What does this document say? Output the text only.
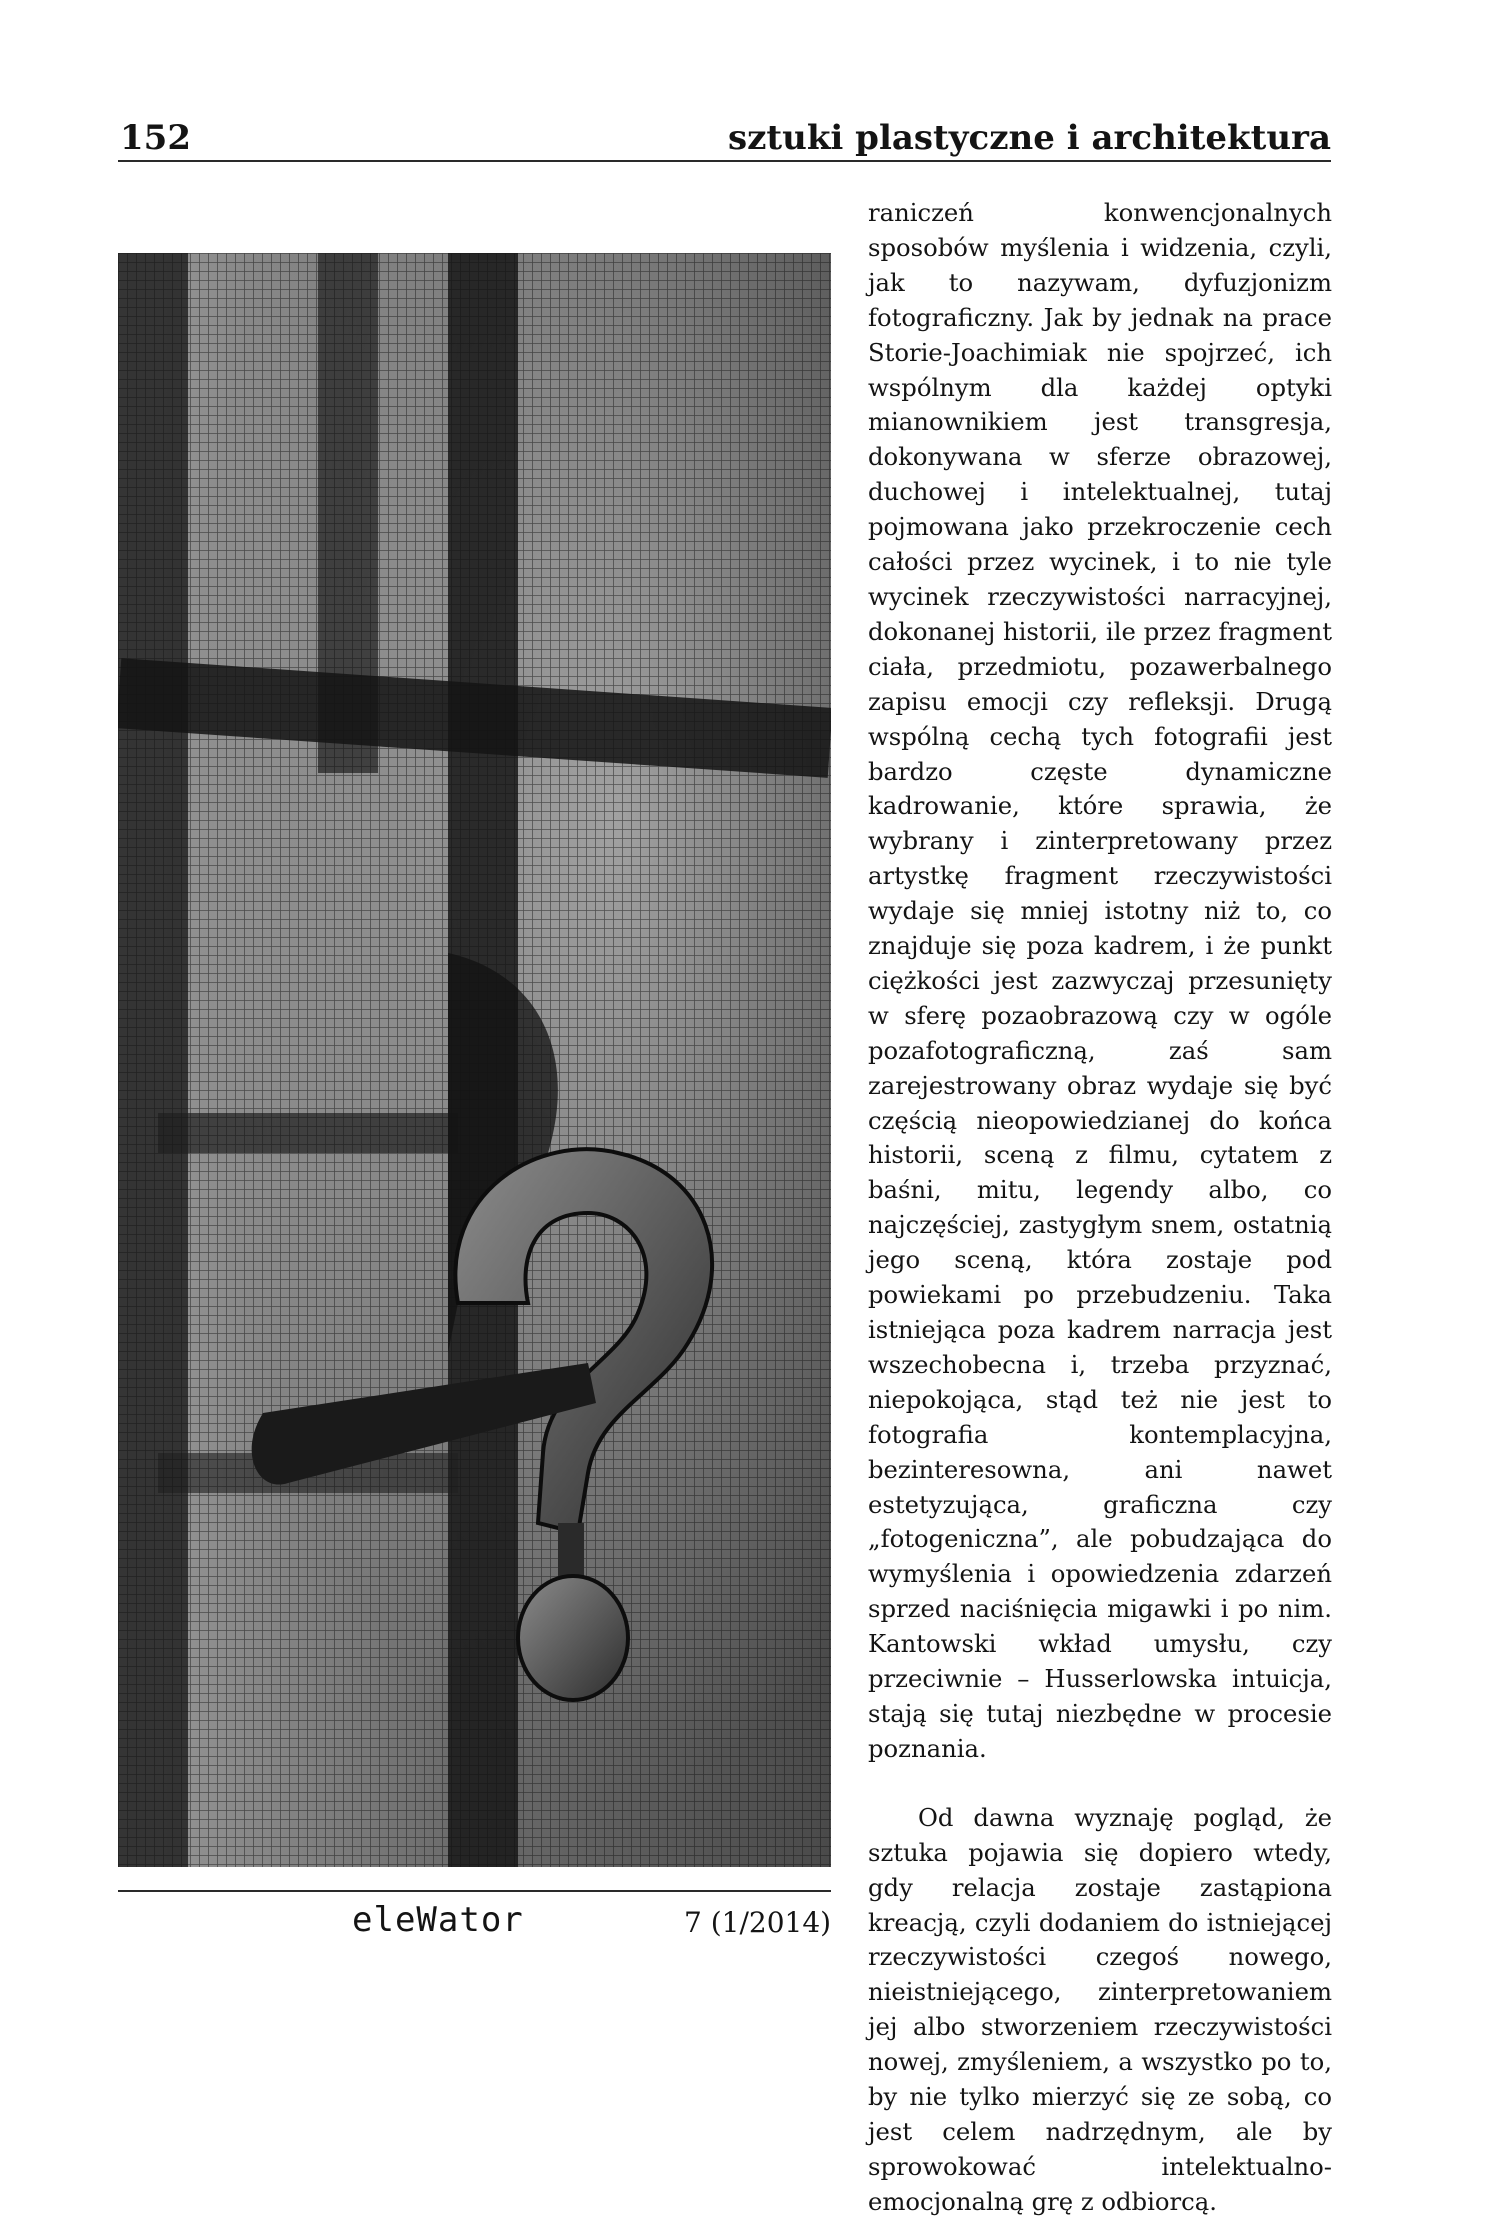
152	sztuki plastyczne i architektura

raniczeń konwencjonalnych sposobów myślenia i widzenia, czyli, jak to nazywam, dyfuzjonizm fotograficzny. Jak by jednak na prace Storie-Joachimiak nie spojrzeć, ich wspólnym dla każdej optyki mianownikiem jest transgresja, dokonywana w sferze obrazowej, duchowej i intelektualnej, tutaj pojmowana jako przekroczenie cech całości przez wycinek, i to nie tyle wycinek rzeczywistości narracyjnej, dokonanej historii, ile przez fragment ciała, przedmiotu, pozawerbalnego zapisu emocji czy refleksji. Drugą wspólną cechą tych fotografii jest bardzo częste dynamiczne kadrowanie, które sprawia, że wybrany i zinterpretowany przez artystkę fragment rzeczywistości wydaje się mniej istotny niż to, co znajduje się poza kadrem, i że punkt ciężkości jest zazwyczaj przesunięty w sferę pozaobrazową czy w ogóle pozafotograficzną, zaś sam zarejestrowany obraz wydaje się być częścią nieopowiedzianej do końca historii, sceną z filmu, cytatem z baśni, mitu, legendy albo, co najczęściej, zastygłym snem, ostatnią jego sceną, która zostaje pod powiekami po przebudzeniu. Taka istniejąca poza kadrem narracja jest wszechobecna i, trzeba przyznać, niepokojąca, stąd też nie jest to fotografia kontemplacyjna, bezinteresowna, ani nawet estetyzująca, graficzna czy „fotogeniczna”, ale pobudzająca do wymyślenia i opowiedzenia zdarzeń sprzed naciśnięcia migawki i po nim. Kantowski wkład umysłu, czy przeciwnie – Husserlowska intuicja, stają się tutaj niezbędne w procesie poznania.

Od dawna wyznaję pogląd, że sztuka pojawia się dopiero wtedy, gdy relacja zostaje zastąpiona kreacją, czyli dodaniem do istniejącej rzeczywistości czegoś nowego, nieistniejącego, zinterpretowaniem jej albo stworzeniem rzeczywistości nowej, zmyśleniem, a wszystko po to, by nie tylko mierzyć się ze sobą, co jest celem nadrzędnym, ale by sprowokować intelektualno-emocjonalną grę z odbiorcą.

eleWator	7 (1/2014)
